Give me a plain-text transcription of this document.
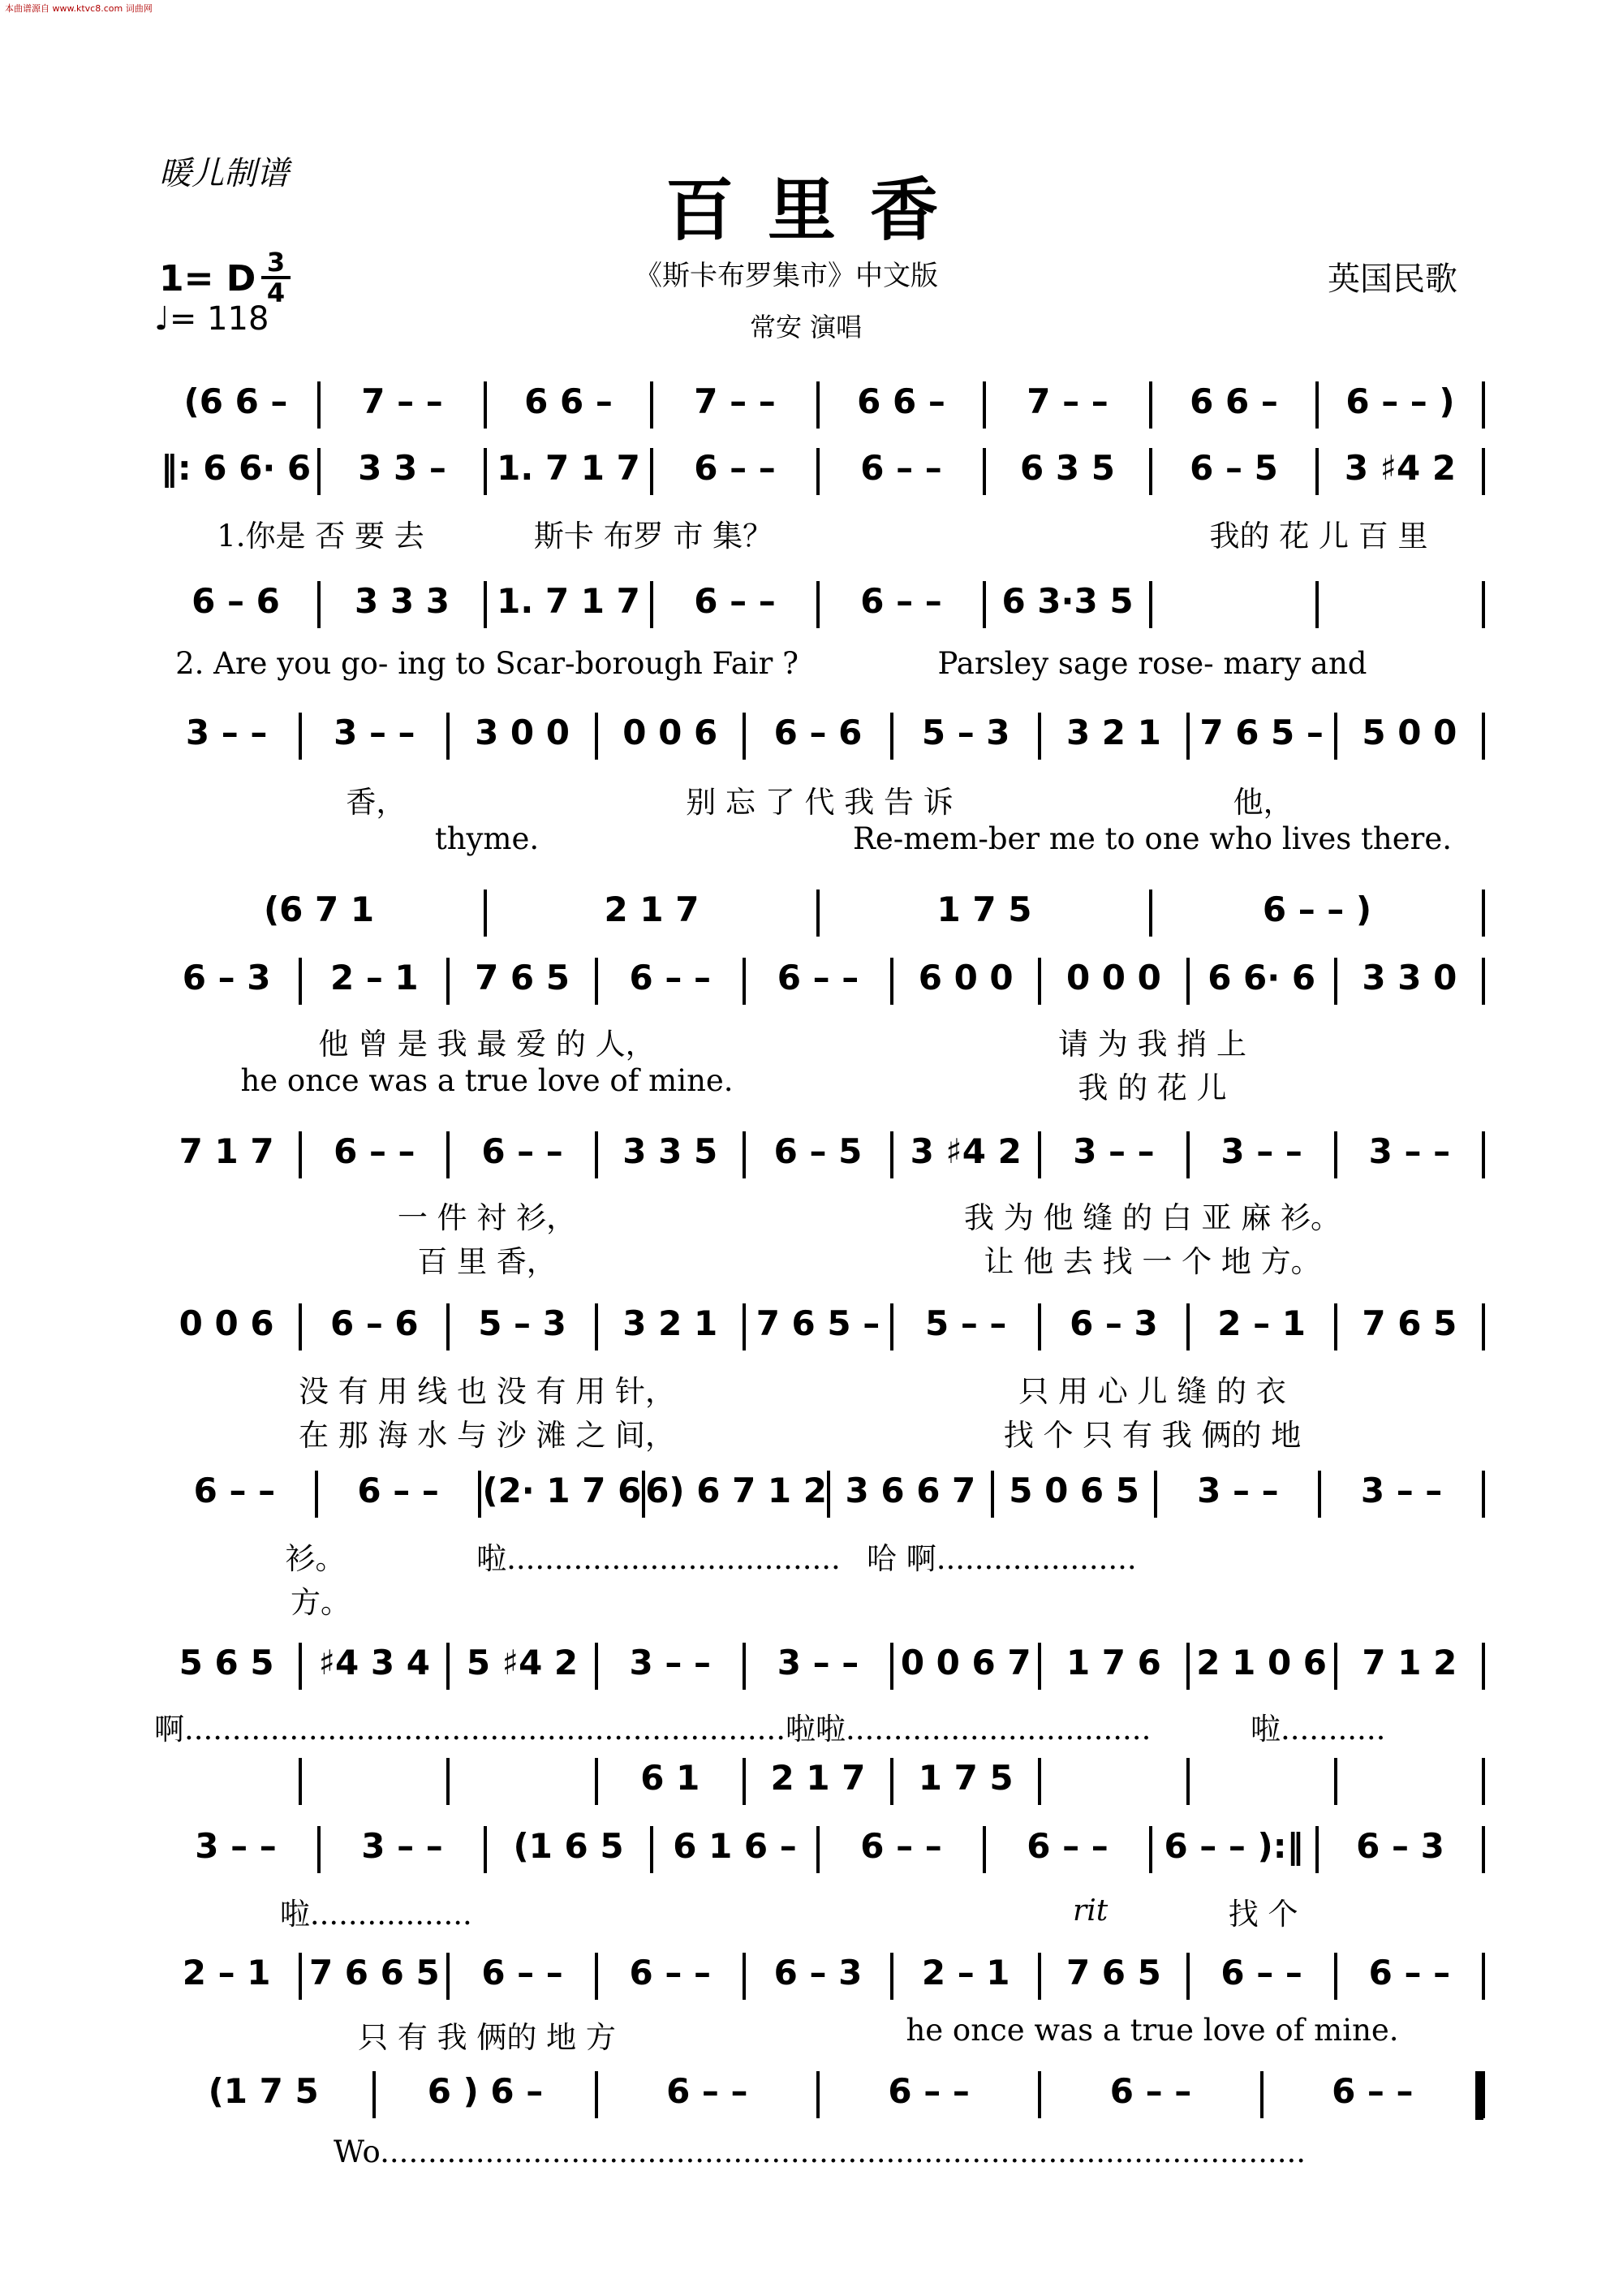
本曲谱源自 www.ktvc8.com 词曲网
暖儿制谱	百里香
《斯卡布罗集市》中文版
常安 演唱
英国民歌
1= D 3
4
♩= 118
rit
(6 6 –	7 – –	6 6 –	7 – –	6 6 –	7 – –	6 6 –	6 – – )
‖: 6 6· 6	3 3 –	1. 7 1 7	6 – –	6 – –	6 3 5	6 – 5	3 ♯4 2
1.你是 否 要 去	斯卡 布罗 市 集？	我的 花 儿 百 里
6 – 6	3 3 3	1. 7 1 7	6 – –	6 – –	6 3·3 5
2. Are you go- ing to Scar-borough Fair ?	Parsley sage rose- mary and
3 – –	3 – –	3 0 0	0 0 6	6 – 6	5 – 3	3 2 1	7 6 5 –	5 0 0
香，	别 忘 了 代 我 告 诉	他，
thyme.	Re-mem-ber me to one who lives there.
(6 7 1	2 1 7	1 7 5	6 – – )
6 – 3	2 – 1	7 6 5	6 – –	6 – –	6 0 0	0 0 0	6 6· 6	3 3 0
他 曾 是 我 最 爱 的 人，	请 为 我 捎 上
he once was a true love of mine.	我 的 花 儿
7 1 7	6 – –	6 – –	3 3 5	6 – 5	3 ♯4 2	3 – –	3 – –	3 – –
一 件 衬 衫，	我 为 他 缝 的 白 亚 麻 衫。
百 里 香，	让 他 去 找 一 个 地 方。
0 0 6	6 – 6	5 – 3	3 2 1	7 6 5 –	5 – –	6 – 3	2 – 1	7 6 5
没 有 用 线 也 没 有 用 针，	只 用 心 儿 缝 的 衣
在 那 海 水 与 沙 滩 之 间，	找 个 只 有 我 俩的 地
6 – –	6 – –	(2· 1 7 6 6) 6 7 1 2 3 6 6 7 5 0 6 5	3 – –	3 – –
衫。	啦................................... 哈 啊.....................
方。
5 6 5	♯4 3 4	5 ♯4 2	3 – –	3 – –	0 0 6 7	1 7 6	2 1 0 6	7 1 2
啊............................................................... 啦啦................................	啦...........
6 1	2 1 7	1 7 5
3 – –	3 – –	(1 6 5	6 1 6 –	6 – –	6 – –	6 – – ):‖	6 – 3
啦.................	找 个
2 – 1	7 6 6 5	6 – –	6 – –	6 – 3	2 – 1	7 6 5	6 – –	6 – –
只 有 我 俩的 地 方	he once was a true love of mine.
(1 7 5	6 ) 6 –	6 – –	6 – –	6 – –	6 – –
Wo.................................................................................................
